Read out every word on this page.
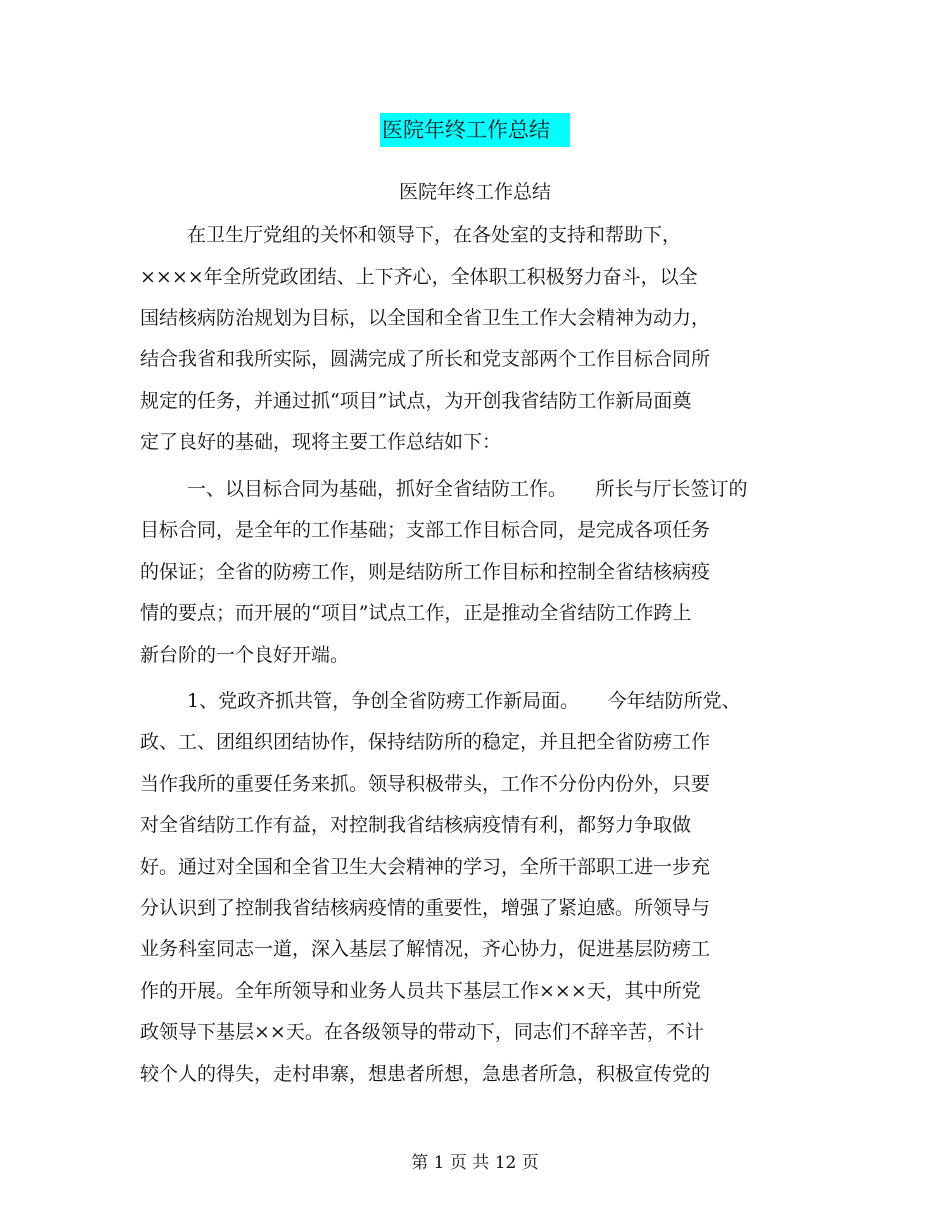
医院年终工作总结
医院年终工作总结
在卫生厅党组的关怀和领导下，在各处室的支持和帮助下，
××××年全所党政团结、上下齐心，全体职工积极努力奋斗，以全
国结核病防治规划为目标，以全国和全省卫生工作大会精神为动力，
结合我省和我所实际，圆满完成了所长和党支部两个工作目标合同所
规定的任务，并通过抓“项目”试点，为开创我省结防工作新局面奠
定了良好的基础，现将主要工作总结如下：
一、以目标合同为基础，抓好全省结防工作。　　所长与厅长签订的
目标合同，是全年的工作基础；支部工作目标合同，是完成各项任务
的保证；全省的防痨工作，则是结防所工作目标和控制全省结核病疫
情的要点；而开展的“项目”试点工作，正是推动全省结防工作跨上
新台阶的一个良好开端。
1、党政齐抓共管，争创全省防痨工作新局面。　　今年结防所党、
政、工、团组织团结协作，保持结防所的稳定，并且把全省防痨工作
当作我所的重要任务来抓。领导积极带头，工作不分份内份外，只要
对全省结防工作有益，对控制我省结核病疫情有利，都努力争取做
好。通过对全国和全省卫生大会精神的学习，全所干部职工进一步充
分认识到了控制我省结核病疫情的重要性，增强了紧迫感。所领导与
业务科室同志一道，深入基层了解情况，齐心协力，促进基层防痨工
作的开展。全年所领导和业务人员共下基层工作×××天，其中所党
政领导下基层××天。在各级领导的带动下，同志们不辞辛苦，不计
较个人的得失，走村串寨，想患者所想，急患者所急，积极宣传党的
第 1 页 共 12 页
